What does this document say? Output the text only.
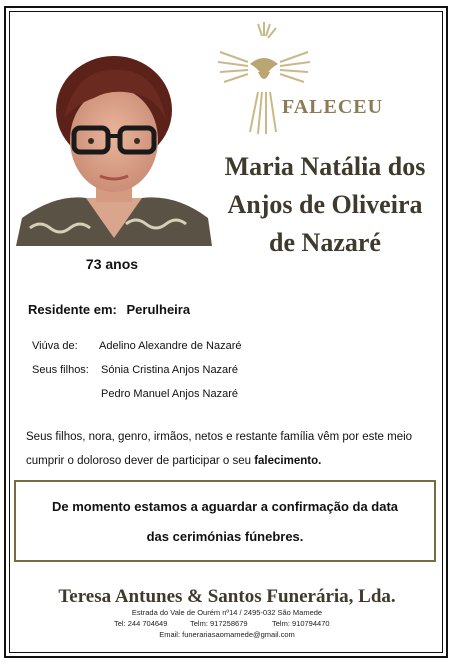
73 anos
FALECEU
Maria Natália dos
Anjos de Oliveira
de Nazaré
Residente em: Perulheira
Viúva de: Adelino Alexandre de Nazaré
Seus filhos: Sónia Cristina Anjos Nazaré
Pedro Manuel Anjos Nazaré
Seus filhos, nora, genro, irmãos, netos e restante família vêm por este meio
cumprir o doloroso dever de participar o seu falecimento.
De momento estamos a aguardar a confirmação da data
das cerimónias fúnebres.
Teresa Antunes & Santos Funerária, Lda.
Estrada do Vale de Ourém nº14 / 2495-032 São Mamede
Tel: 244 704649	Telm: 917258679	Telm: 910794470
Email: funerariasaomamede@gmail.com
